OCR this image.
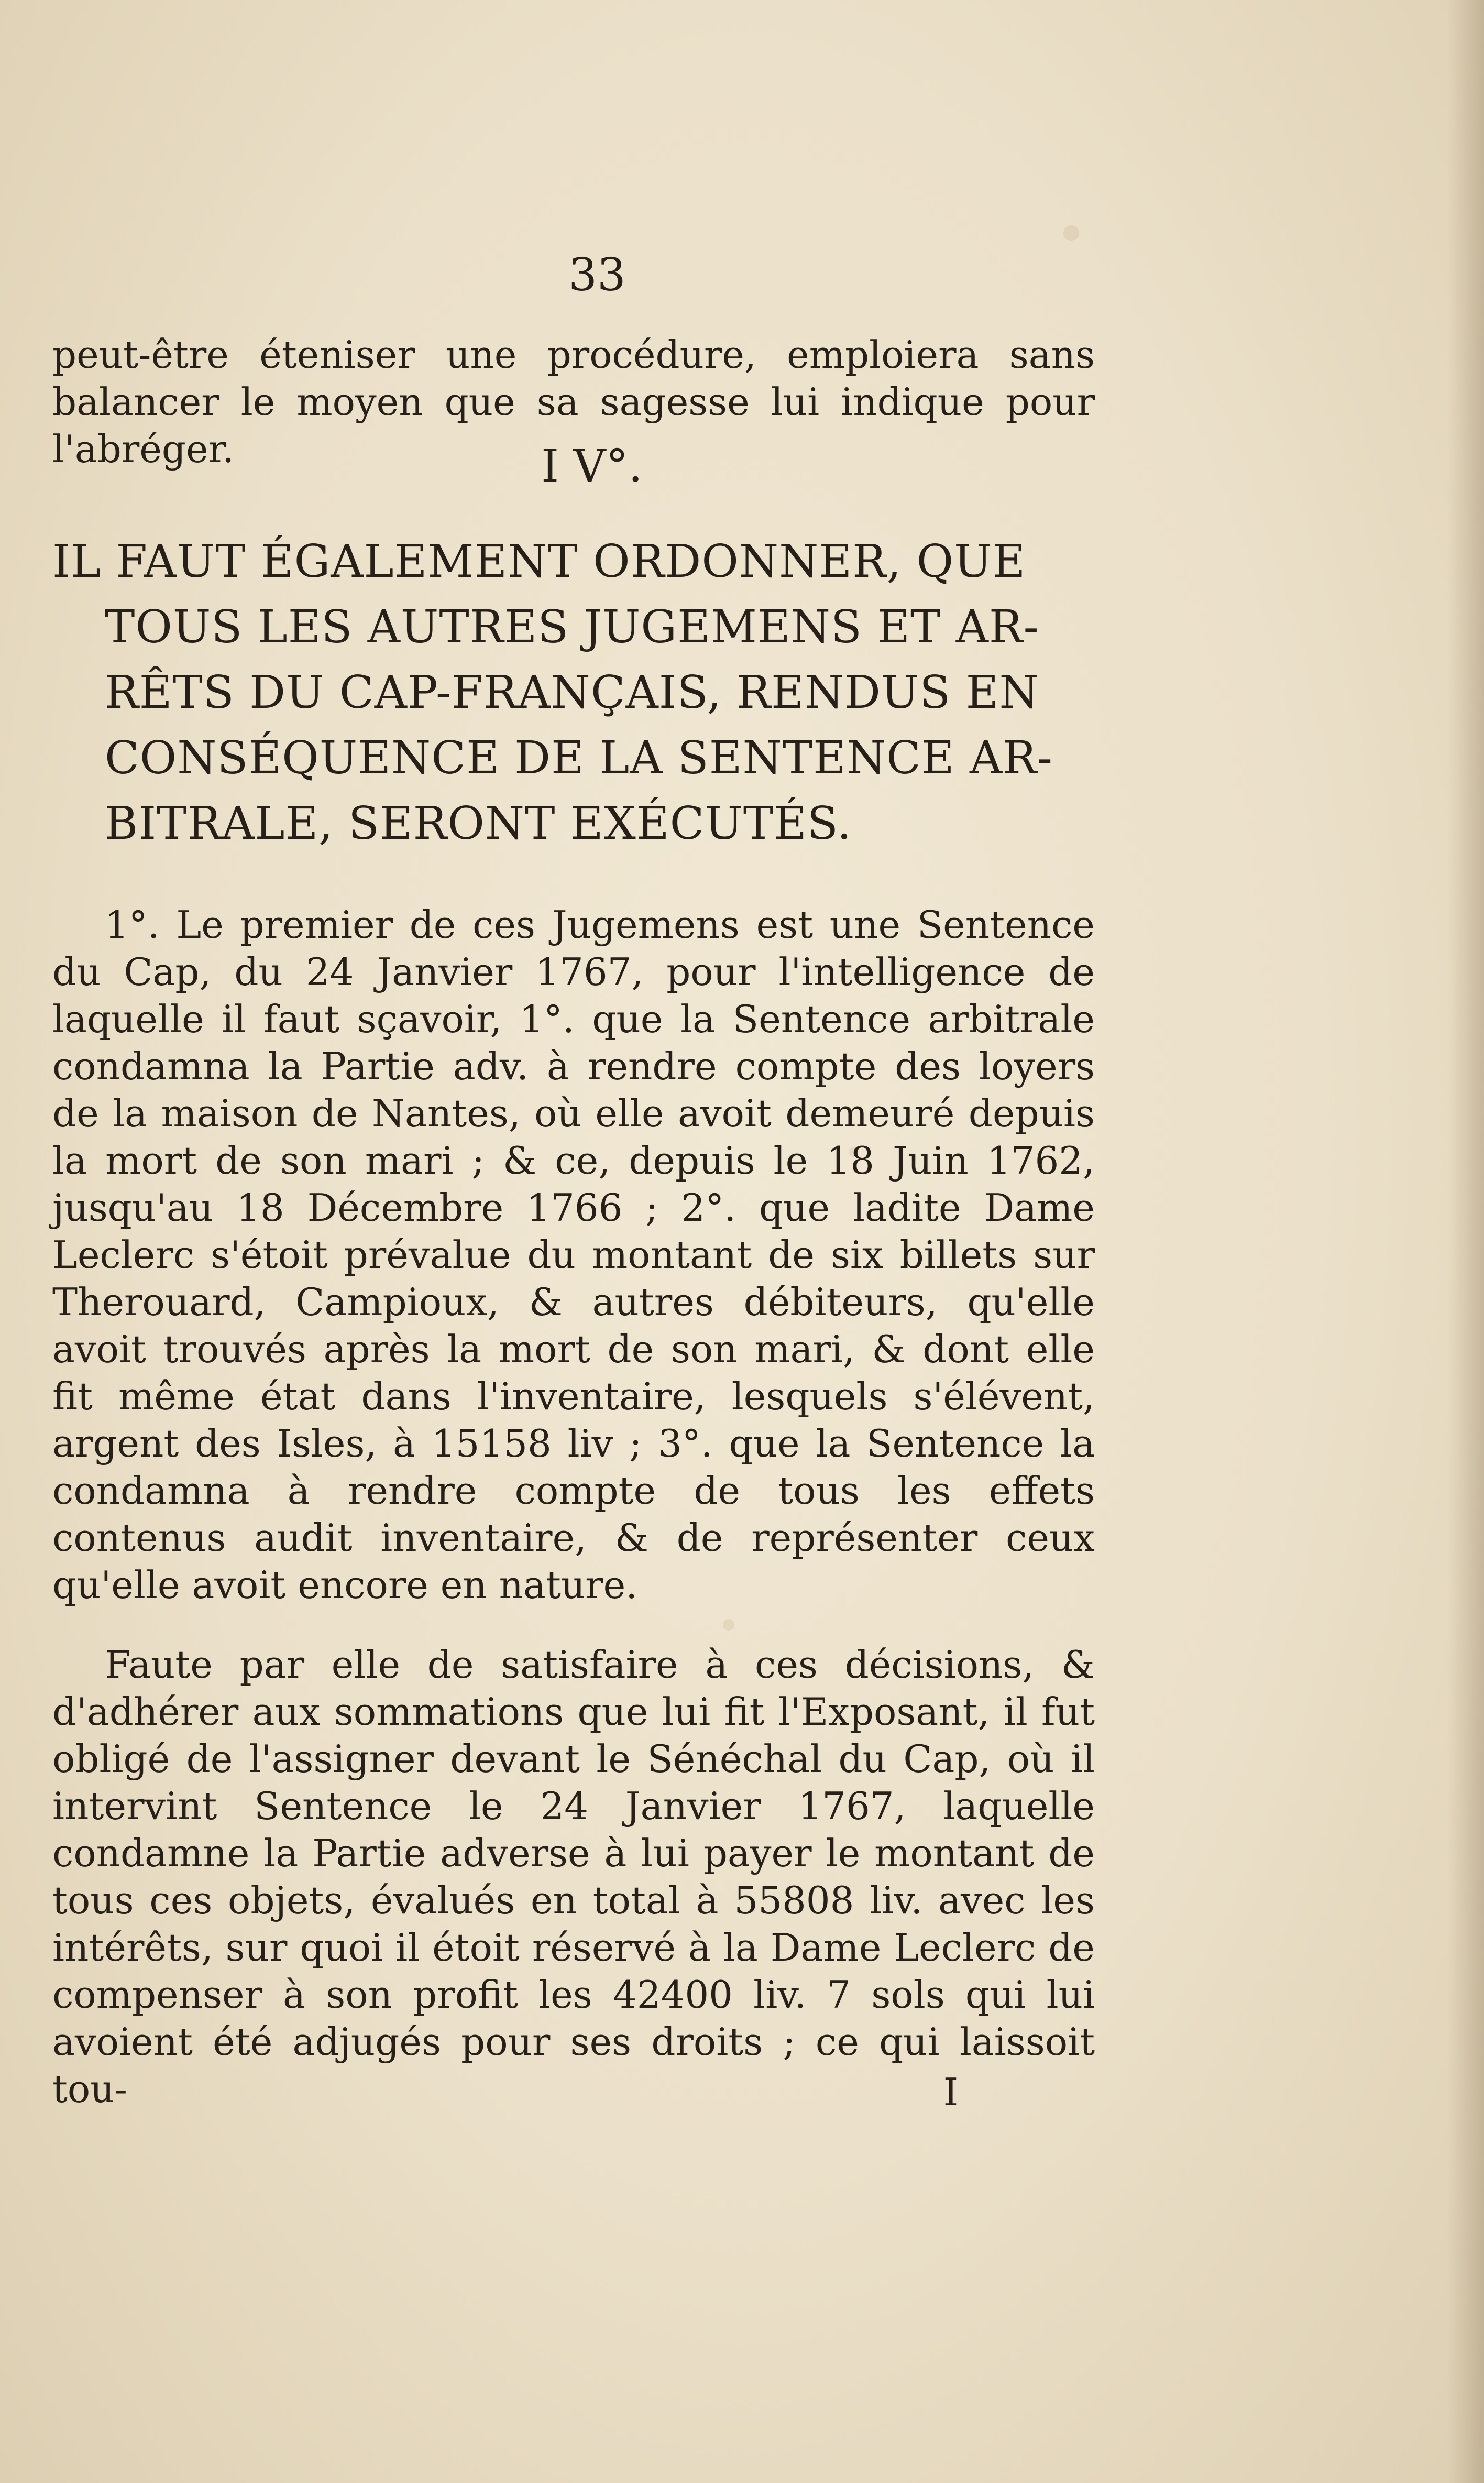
33

peut-être éteniser une procédure, emploiera sans balancer le moyen que sa sagesse lui indique pour l'abréger.	I V°.
IL FAUT ÉGALEMENT ORDONNER, QUE
TOUS LES AUTRES JUGEMENS ET AR-
RÊTS DU CAP-FRANÇAIS, RENDUS EN
CONSÉQUENCE DE LA SENTENCE AR-
BITRALE, SERONT EXÉCUTÉS.

1°. Le premier de ces Jugemens est une Sentence du Cap, du 24 Janvier 1767, pour l'intelligence de laquelle il faut sçavoir, 1°. que la Sentence arbitrale condamna la Partie adv. à rendre compte des loyers de la maison de Nantes, où elle avoit demeuré depuis la mort de son mari ; & ce, depuis le 18 Juin 1762, jusqu'au 18 Décembre 1766 ; 2°. que ladite Dame Leclerc s'étoit prévalue du montant de six billets sur Therouard, Campioux, & autres débiteurs, qu'elle avoit trouvés après la mort de son mari, & dont elle fit même état dans l'inventaire, lesquels s'élévent, argent des Isles, à 15158 liv ; 3°. que la Sentence la condamna à rendre compte de tous les effets contenus audit inventaire, & de représenter ceux qu'elle avoit encore en nature.

Faute par elle de satisfaire à ces décisions, & d'adhérer aux sommations que lui fit l'Exposant, il fut obligé de l'assigner devant le Sénéchal du Cap, où il intervint Sentence le 24 Janvier 1767, laquelle condamne la Partie adverse à lui payer le montant de tous ces objets, évalués en total à 55808 liv. avec les intérêts, sur quoi il étoit réservé à la Dame Leclerc de compenser à son profit les 42400 liv. 7 sols qui lui avoient été adjugés pour ses droits ; ce qui laissoit tou-	I
